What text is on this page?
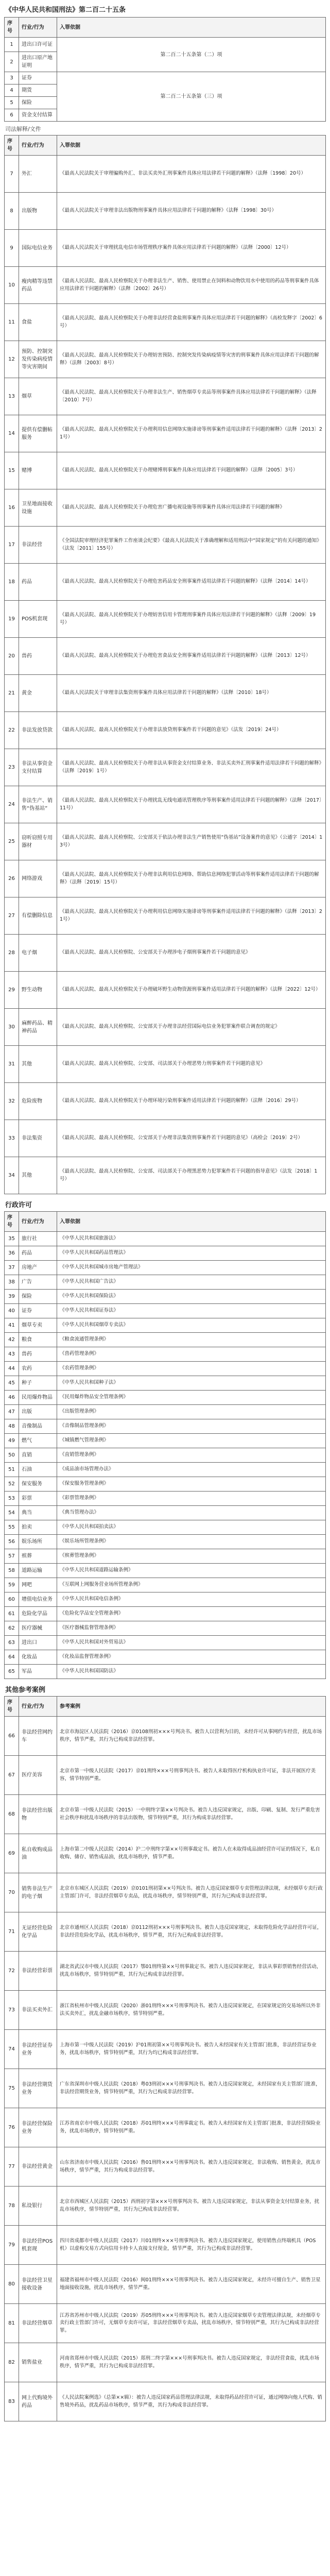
《中华人民共和国刑法》第二百二十五条
序号	行业/行为	入罪依据
1	进出口许可证	第二百二十五条第（二）项
2	进出口原产地证明	
3	证券	第二百二十五条第（三）项
4	期货	
5	保险	
6	资金支付结算	
司法解释/文件
序号	行业/行为	入罪依据
7	外汇	《最高人民法院关于审理骗购外汇、非法买卖外汇刑事案件具体应用法律若干问题的解释》（法释〔1998〕20号）
8	出版物	《最高人民法院关于审理非法出版物刑事案件具体应用法律若干问题的解释》（法释〔1998〕30号）
9	国际电信业务	《最高人民法院关于审理扰乱电信市场管理秩序案件具体应用法律若干问题的解释》（法释〔2000〕12号）
10	瘦肉精等违禁药品	《最高人民法院、最高人民检察院关于办理非法生产、销售、使用禁止在饲料和动物饮用水中使用的药品等刑事案件具体应用法律若干问题的解释》（法释〔2002〕26号）
11	食盐	《最高人民法院、最高人民检察院关于办理非法经营食盐刑事案件具体应用法律若干问题的解释》（高检发释字〔2002〕6号）
12	预防、控制突发传染病疫情等灾害期间	《最高人民法院、最高人民检察院关于办理妨害预防、控制突发传染病疫情等灾害的刑事案件具体应用法律若干问题的解释》（法释〔2003〕8号）
13	烟草	《最高人民法院、最高人民检察院关于办理非法生产、销售烟草专卖品等刑事案件具体应用法律若干问题的解释》（法释〔2010〕7号）
14	提供有偿删帖服务	《最高人民法院、最高人民检察院关于办理利用信息网络实施诽谤等刑事案件适用法律若干问题的解释》（法释〔2013〕21号）
15	赌博	《最高人民法院、最高人民检察院关于办理赌博刑事案件具体应用法律若干问题的解释》（法释〔2005〕3号）
16	卫星地面接收设施	《最高人民法院、最高人民检察院关于办理危害广播电视设施等刑事案件具体应用法律若干问题的解释》
17	非法经营	《全国法院审理经济犯罪案件工作座谈会纪要》《最高人民法院关于准确理解和适用刑法中“国家规定”的有关问题的通知》（法发〔2011〕155号）
18	药品	《最高人民法院、最高人民检察院关于办理危害药品安全刑事案件适用法律若干问题的解释》（法释〔2014〕14号）
19	POS机套现	《最高人民法院、最高人民检察院关于办理妨害信用卡管理刑事案件具体应用法律若干问题的解释》（法释〔2009〕19号）
20	兽药	《最高人民法院、最高人民检察院关于办理危害食品安全刑事案件适用法律若干问题的解释》（法释〔2013〕12号）
21	黄金	《最高人民法院关于审理非法集资刑事案件具体应用法律若干问题的解释》（法释〔2010〕18号）
22	非法发放贷款	《最高人民法院、最高人民检察院关于办理非法放贷刑事案件若干问题的意见》（法发〔2019〕24号）
23	非法从事资金支付结算	《最高人民法院、最高人民检察院关于办理非法从事资金支付结算业务、非法买卖外汇刑事案件适用法律若干问题的解释》（法释〔2019〕1号）
24	非法生产、销售“伪基站”	《最高人民法院、最高人民检察院关于办理扰乱无线电通讯管理秩序等刑事案件适用法律若干问题的解释》（法释〔2017〕11号）
25	窃听窃照专用器材	《最高人民法院、最高人民检察院、公安部关于依法办理非法生产销售使用“伪基站”设备案件的意见》（公通字〔2014〕13号）
26	网络游戏	《最高人民法院、最高人民检察院关于办理非法利用信息网络、帮助信息网络犯罪活动等刑事案件适用法律若干问题的解释》（法释〔2019〕15号）
27	有偿删除信息	《最高人民法院、最高人民检察院关于办理利用信息网络实施诽谤等刑事案件适用法律若干问题的解释》（法释〔2013〕21号）
28	电子烟	《最高人民法院、最高人民检察院、公安部关于办理涉电子烟刑事案件若干问题的意见》
29	野生动物	《最高人民法院、最高人民检察院关于办理破坏野生动物资源刑事案件适用法律若干问题的解释》（法释〔2022〕12号）
30	麻醉药品、精神药品	《最高人民法院、最高人民检察院、公安部关于办理非法经营国际电信业务犯罪案件联合调查的规定》
31	其他	《最高人民法院、最高人民检察院、公安部、司法部关于办理恶势力刑事案件若干问题的意见》
32	危险废物	《最高人民法院、最高人民检察院关于办理环境污染刑事案件适用法律若干问题的解释》（法释〔2016〕29号）
33	非法集资	《最高人民法院、最高人民检察院、公安部关于办理非法集资刑事案件若干问题的意见》（高检会〔2019〕2号）
34	其他	《最高人民法院、最高人民检察院、公安部、司法部关于办理黑恶势力犯罪案件若干问题的指导意见》（法发〔2018〕1号）
行政许可
序号	行业/行为	入罪依据
35	旅行社	《中华人民共和国旅游法》
36	药品	《中华人民共和国药品管理法》
37	房地产	《中华人民共和国城市房地产管理法》
38	广告	《中华人民共和国广告法》
39	保险	《中华人民共和国保险法》
40	证券	《中华人民共和国证券法》
41	烟草专卖	《中华人民共和国烟草专卖法》
42	粮食	《粮食流通管理条例》
43	兽药	《兽药管理条例》
44	农药	《农药管理条例》
45	种子	《中华人民共和国种子法》
46	民用爆炸物品	《民用爆炸物品安全管理条例》
47	出版	《出版管理条例》
48	音像制品	《音像制品管理条例》
49	燃气	《城镇燃气管理条例》
50	直销	《直销管理条例》
51	石油	《成品油市场管理办法》
52	保安服务	《保安服务管理条例》
53	彩票	《彩票管理条例》
54	典当	《典当管理办法》
55	拍卖	《中华人民共和国拍卖法》
56	娱乐场所	《娱乐场所管理条例》
57	殡葬	《殡葬管理条例》
58	道路运输	《中华人民共和国道路运输条例》
59	网吧	《互联网上网服务营业场所管理条例》
60	增值电信业务	《中华人民共和国电信条例》
61	危险化学品	《危险化学品安全管理条例》
62	医疗器械	《医疗器械监督管理条例》
63	进出口	《中华人民共和国对外贸易法》
64	化妆品	《化妆品监督管理条例》
65	军品	《中华人民共和国国防法》
其他参考案例
序号	行业/行为	参考案例
66	非法经营网约车	北京市海淀区人民法院（2016）京0108刑初×××号判决书。被告人以营利为目的，未经许可从事网约车经营，扰乱市场秩序，情节严重，其行为已构成非法经营罪。
67	医疗美容	北京市第一中级人民法院（2017）京01刑终×××号刑事判决书。被告人未取得医疗机构执业许可证，非法开展医疗美容，情节特别严重。
68	非法经营出版物	北京市第一中级人民法院（2015）一中刑终字第××号判决书。被告人违反国家规定，出版、印刷、复制、发行严重危害社会秩序和扰乱市场秩序的非法出版物，情节特别严重，其行为构成非法经营罪。
69	私自收购成品油	上海市第二中级人民法院（2014）沪二中刑终字第××号刑事裁定书。被告人在未取得成品油经营许可证的情况下，私自收购、储存、销售成品油，扰乱市场秩序，情节严重。
70	销售非法生产的电子烟	北京市东城区人民法院（2019）京0101刑初第××号判决书。被告人违反国家烟草专卖管理法律法规，未经烟草专卖行政主管部门许可，非法经营烟草专卖品，扰乱市场秩序，情节特别严重，其行为已构成非法经营罪。
71	无证经营危险化学品	北京市通州区人民法院（2018）京0112刑初×××号刑事判决书。被告人违反国家规定，未取得危险化学品经营许可证，非法经营危险化学品，扰乱市场秩序，情节严重，其行为已构成非法经营罪。
72	非法经营彩票	湖北省武汉市中级人民法院（2017）鄂01刑终第××号刑事裁定书。被告人违反国家规定，非法从事彩票销售经营活动，扰乱市场秩序，情节特别严重，其行为已构成非法经营罪。
73	非法买卖外汇	浙江省杭州市中级人民法院（2020）浙01刑终×××号刑事判决书。被告人违反国家规定，在国家规定的交易场所以外非法买卖外汇，扰乱金融市场秩序，情节特别严重。
74	非法经营证券业务	上海市第一中级人民法院（2019）沪01刑初第××号刑事判决书。被告人未经国家有关主管部门批准，非法经营证券业务，扰乱市场秩序，情节特别严重，其行为均已构成非法经营罪。
75	非法经营期货业务	广东省深圳市中级人民法院（2018）粤03刑初×××号刑事判决书。被告人违反国家规定，未经国家有关主管部门批准，非法经营期货业务，情节特别严重，其行为已构成非法经营罪。
76	非法经营保险业务	江苏省南京市中级人民法院（2018）苏01刑终×××号刑事裁定书。被告人未经国家有关主管部门批准，非法经营保险业务，扰乱市场秩序，情节特别严重。
77	非法经营黄金	山东省济南市中级人民法院（2016）鲁01刑终×××号刑事判决书。被告人违反国家规定，非法收购、销售黄金，扰乱市场秩序，情节严重，其行为构成非法经营罪。
78	私设银行	北京市西城区人民法院（2015）西刑初字第×××号刑事判决书。被告人违反国家规定，非法从事资金支付结算业务，扰乱市场秩序，情节特别严重，其行为已构成非法经营罪。
79	非法经营POS机套现	四川省成都市中级人民法院（2017）川01刑终×××号刑事判决书。被告人违反国家规定，使用销售点终端机具（POS机）以虚构交易方式向信用卡持卡人直接支付现金，情节严重，其行为已构成非法经营罪。
80	非法经营卫星接收设备	福建省福州市中级人民法院（2016）闽01刑终×××号刑事判决书。被告人违反国家规定，未经许可擅自生产、销售卫星地面接收设施，扰乱市场秩序，情节严重。
81	非法经营烟草	江苏省苏州市中级人民法院（2019）苏05刑终×××号刑事判决书。被告人违反国家烟草专卖管理法律法规，未经烟草专卖行政主管部门许可，无烟草专卖许可证，非法经营烟草专卖品，扰乱市场秩序，情节特别严重，其行为已构成非法经营罪。
82	销售盐业	河南省郑州市中级人民法院（2015）郑刑二终字第×××号刑事判决书。被告人违反国家规定，非法经营食盐，扰乱市场秩序，情节严重，其行为已构成非法经营罪。
83	网上代购境外药品	《人民法院案例选》（总第××辑）：被告人违反国家药品管理法律法规，未取得药品经营许可证，通过网络向他人代购、销售境外药品，扰乱药品市场秩序，情节严重，其行为构成非法经营罪。
